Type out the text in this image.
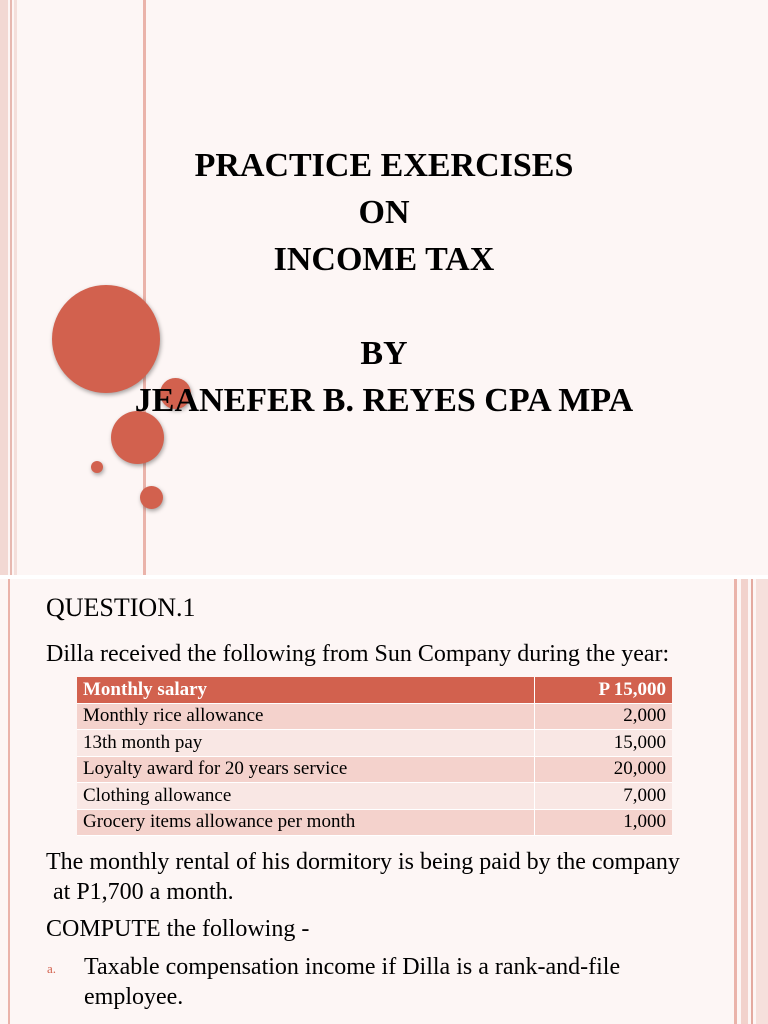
PRACTICE EXERCISES
ON
INCOME TAX
BY
JEANEFER B. REYES CPA MPA
QUESTION.1
Dilla received the following from Sun Company during the year:
Monthly salary	P 15,000
Monthly rice allowance	2,000
13th month pay	15,000
Loyalty award for 20 years service	20,000
Clothing allowance	7,000
Grocery items allowance per month	1,000
The monthly rental of his dormitory is being paid by the company
at P1,700 a month.
COMPUTE the following -
a. Taxable compensation income if Dilla is a rank-and-file
employee.
